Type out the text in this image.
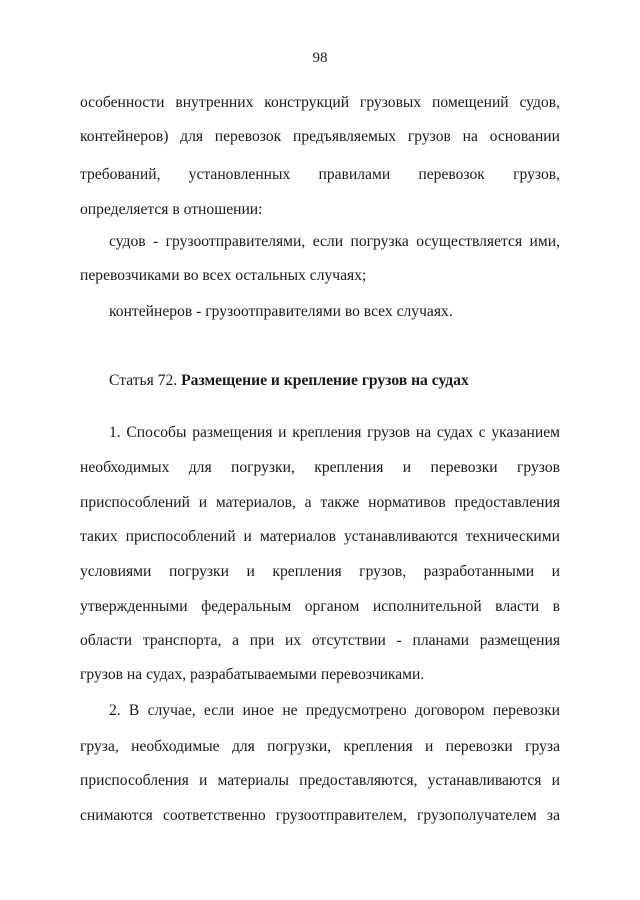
98
особенности внутренних конструкций грузовых помещений судов,
контейнеров) для перевозок предъявляемых грузов на основании
требований, установленных правилами перевозок грузов,
определяется в отношении:
судов - грузоотправителями, если погрузка осуществляется ими,
перевозчиками во всех остальных случаях;
контейнеров - грузоотправителями во всех случаях.
Статья 72. Размещение и крепление грузов на судах
1. Способы размещения и крепления грузов на судах с указанием
необходимых для погрузки, крепления и перевозки грузов
приспособлений и материалов, а также нормативов предоставления
таких приспособлений и материалов устанавливаются техническими
условиями погрузки и крепления грузов, разработанными и
утвержденными федеральным органом исполнительной власти в
области транспорта, а при их отсутствии - планами размещения
грузов на судах, разрабатываемыми перевозчиками.
2. В случае, если иное не предусмотрено договором перевозки
груза, необходимые для погрузки, крепления и перевозки груза
приспособления и материалы предоставляются, устанавливаются и
снимаются соответственно грузоотправителем, грузополучателем за
